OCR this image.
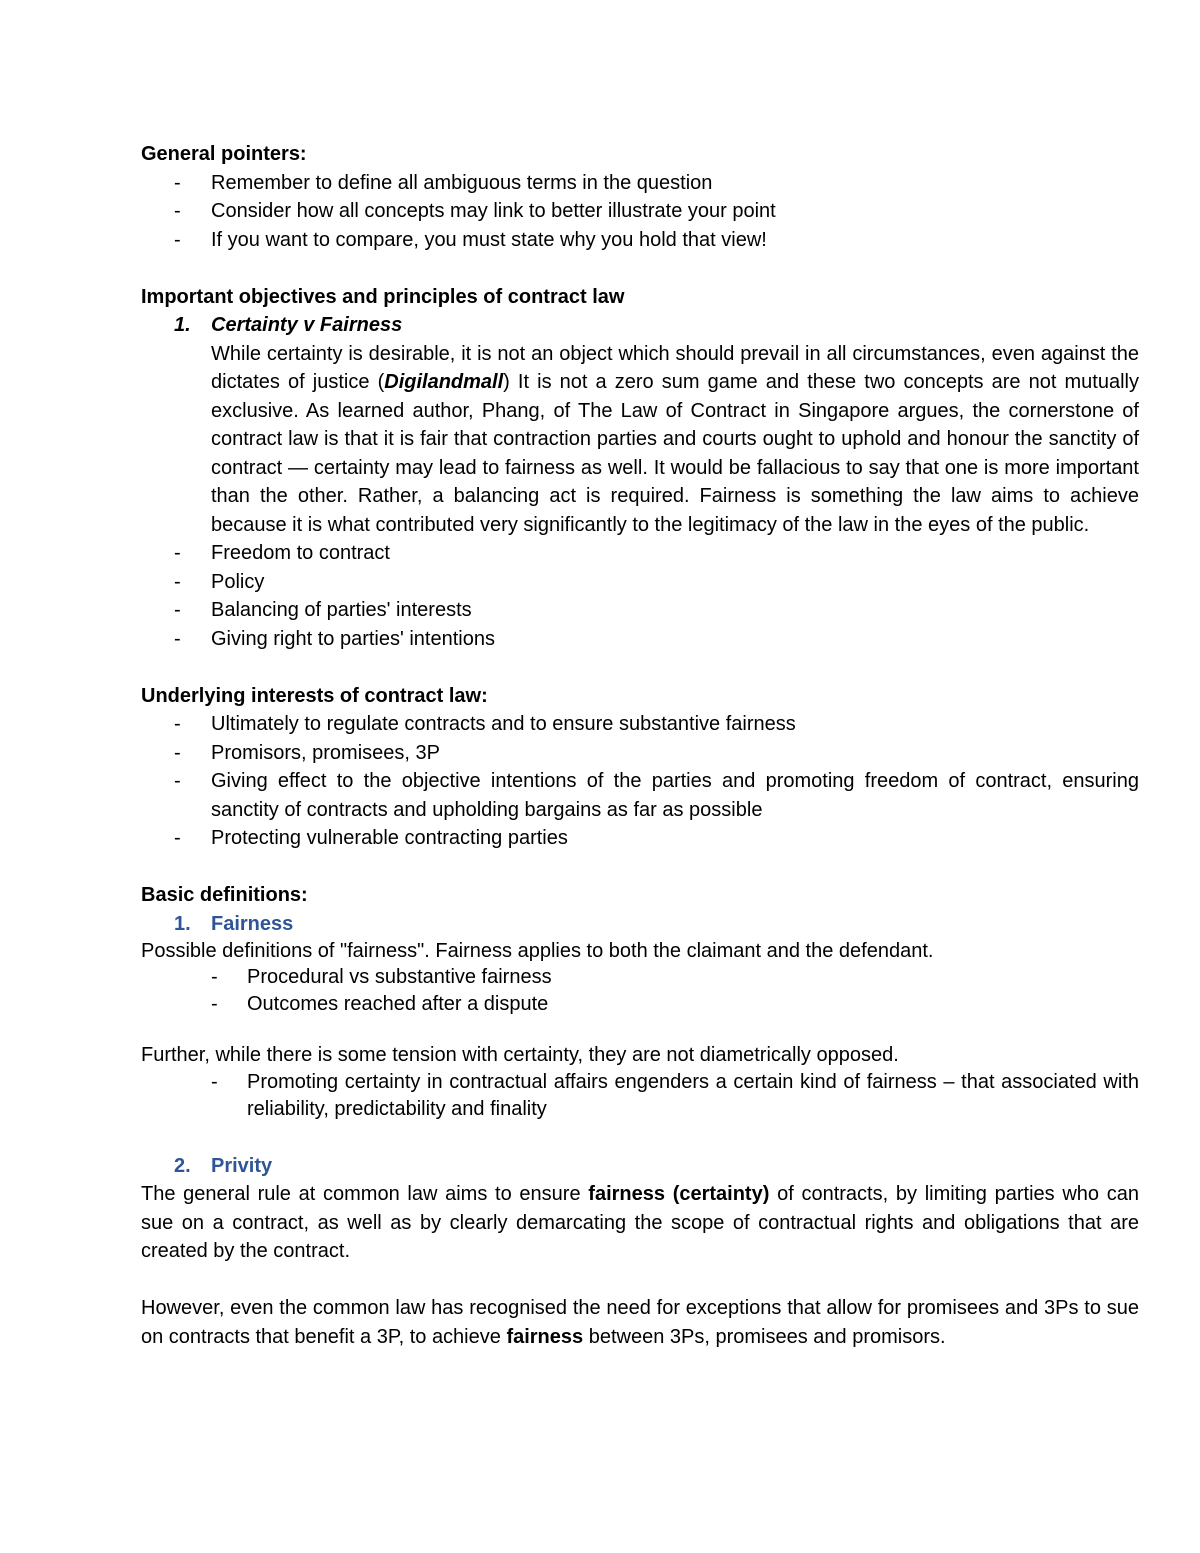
General pointers:

- Remember to define all ambiguous terms in the question
- Consider how all concepts may link to better illustrate your point
- If you want to compare, you must state why you hold that view!

Important objectives and principles of contract law

1. Certainty v Fairness
While certainty is desirable, it is not an object which should prevail in all circumstances, even against the dictates of justice (Digilandmall) It is not a zero sum game and these two concepts are not mutually exclusive. As learned author, Phang, of The Law of Contract in Singapore argues, the cornerstone of contract law is that it is fair that contraction parties and courts ought to uphold and honour the sanctity of contract — certainty may lead to fairness as well. It would be fallacious to say that one is more important than the other. Rather, a balancing act is required. Fairness is something the law aims to achieve because it is what contributed very significantly to the legitimacy of the law in the eyes of the public.
- Freedom to contract
- Policy
- Balancing of parties' interests
- Giving right to parties' intentions

Underlying interests of contract law:

- Ultimately to regulate contracts and to ensure substantive fairness
- Promisors, promisees, 3P
- Giving effect to the objective intentions of the parties and promoting freedom of contract, ensuring sanctity of contracts and upholding bargains as far as possible
- Protecting vulnerable contracting parties

Basic definitions:

1. Fairness

Possible definitions of "fairness". Fairness applies to both the claimant and the defendant.

- Procedural vs substantive fairness
- Outcomes reached after a dispute

Further, while there is some tension with certainty, they are not diametrically opposed.

- Promoting certainty in contractual affairs engenders a certain kind of fairness – that associated with reliability, predictability and finality
2. Privity

The general rule at common law aims to ensure fairness (certainty) of contracts, by limiting parties who can sue on a contract, as well as by clearly demarcating the scope of contractual rights and obligations that are created by the contract.

However, even the common law has recognised the need for exceptions that allow for promisees and 3Ps to sue on contracts that benefit a 3P, to achieve fairness between 3Ps, promisees and promisors.
